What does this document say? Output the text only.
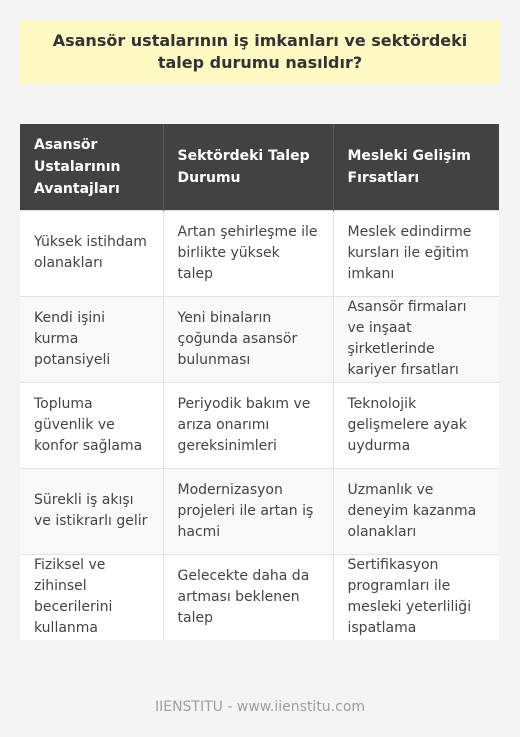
Asansör ustalarının iş imkanları ve sektördeki talep durumu nasıldır?
Asansör Ustalarının Avantajları	Sektördeki Talep Durumu	Mesleki Gelişim Fırsatları
Yüksek istihdam olanakları	Artan şehirleşme ile birlikte yüksek talep	Meslek edindirme kursları ile eğitim imkanı
Kendi işini kurma potansiyeli	Yeni binaların çoğunda asansör bulunması	Asansör firmaları ve inşaat şirketlerinde kariyer fırsatları
Topluma güvenlik ve konfor sağlama	Periyodik bakım ve arıza onarımı gereksinimleri	Teknolojik gelişmelere ayak uydurma
Sürekli iş akışı ve istikrarlı gelir	Modernizasyon projeleri ile artan iş hacmi	Uzmanlık ve deneyim kazanma olanakları
Fiziksel ve zihinsel becerilerini kullanma	Gelecekte daha da artması beklenen talep	Sertifikasyon programları ile mesleki yeterliliği ispatlama
IIENSTITU - www.iienstitu.com
